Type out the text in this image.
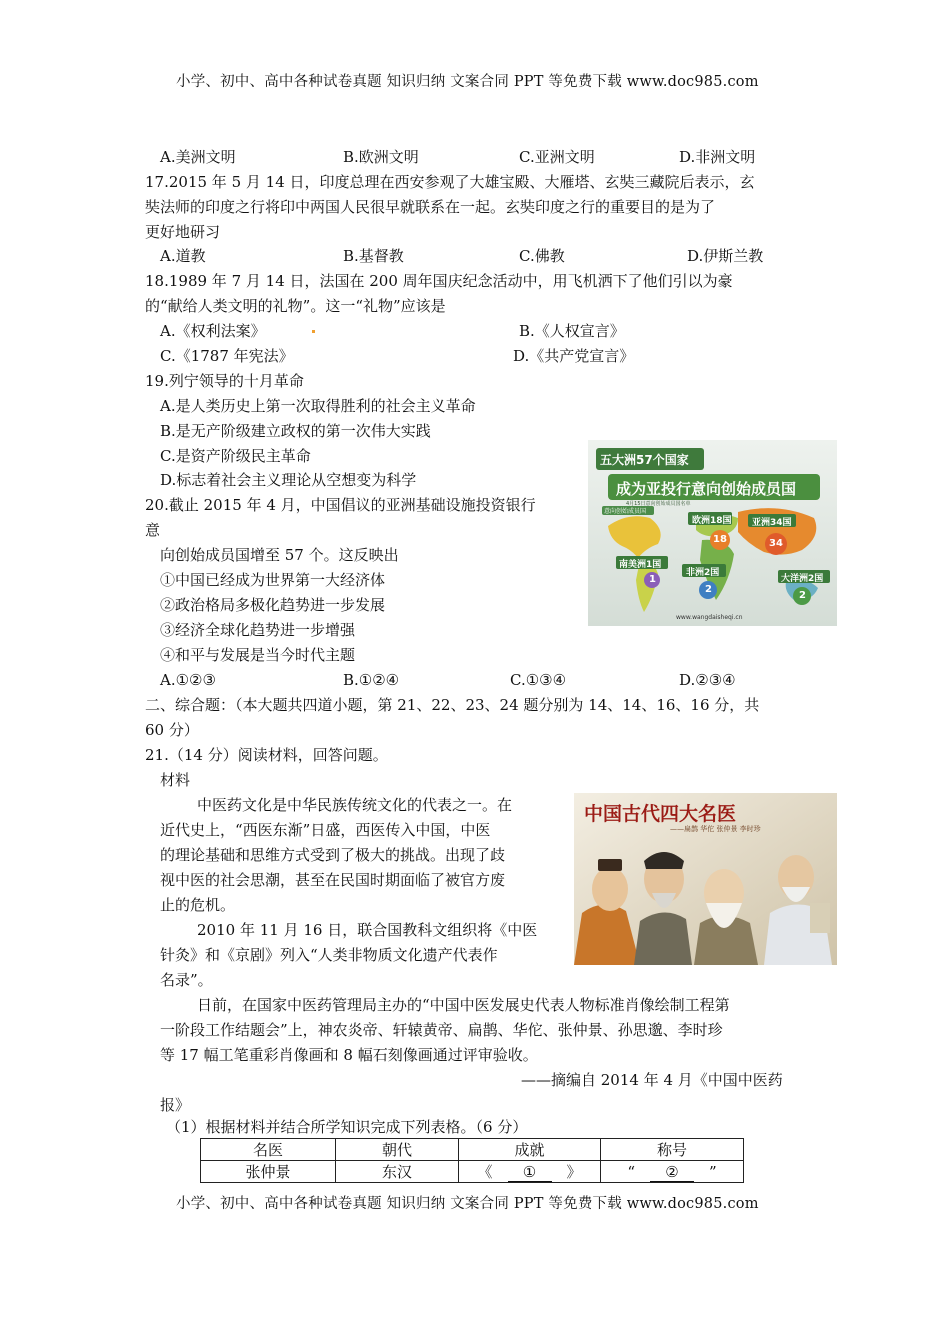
小学、初中、高中各种试卷真题 知识归纳 文案合同 PPT 等免费下载 www.doc985.com
A.美洲文明	B.欧洲文明	C.亚洲文明	D.非洲文明
17.2015 年 5 月 14 日，印度总理在西安参观了大雄宝殿、大雁塔、玄奘三藏院后表示，玄
奘法师的印度之行将印中两国人民很早就联系在一起。玄奘印度之行的重要目的是为了
更好地研习
A.道教	B.基督教	C.佛教	D.伊斯兰教
18.1989 年 7 月 14 日，法国在 200 周年国庆纪念活动中，用飞机洒下了他们引以为豪
的“献给人类文明的礼物”。这一“礼物”应该是
A.《权利法案》	B.《人权宣言》
C.《1787 年宪法》	D.《共产党宣言》
19.列宁领导的十月革命
A.是人类历史上第一次取得胜利的社会主义革命
B.是无产阶级建立政权的第一次伟大实践
C.是资产阶级民主革命
D.标志着社会主义理论从空想变为科学
五大洲57个国家
成为亚投行意向创始成员国
4月15日意向创始成员国名单
意向创始成员国
欧洲18国 亚洲34国
南美洲1国
非洲2国
大洋洲2国
18	34
1
2
2
www.wangdaisheqi.cn
20.截止 2015 年 4 月，中国倡议的亚洲基础设施投资银行
意
向创始成员国增至 57 个。这反映出
①中国已经成为世界第一大经济体
②政治格局多极化趋势进一步发展
③经济全球化趋势进一步增强
④和平与发展是当今时代主题
A.①②③	B.①②④	C.①③④	D.②③④
二、综合题：（本大题共四道小题，第 21、22、23、24 题分别为 14、14、16、16 分，共
60 分）
21.（14 分）阅读材料，回答问题。
材料
中医药文化是中华民族传统文化的代表之一。在
近代史上，“西医东渐”日盛，西医传入中国，中医
的理论基础和思维方式受到了极大的挑战。出现了歧
视中医的社会思潮，甚至在民国时期面临了被官方废
止的危机。
2010 年 11 月 16 日，联合国教科文组织将《中医
针灸》和《京剧》列入“人类非物质文化遗产代表作
名录”。
日前，在国家中医药管理局主办的“中国中医发展史代表人物标准肖像绘制工程第
一阶段工作结题会”上，神农炎帝、轩辕黄帝、扁鹊、华佗、张仲景、孙思邈、李时珍
等 17 幅工笔重彩肖像画和 8 幅石刻像画通过评审验收。
——摘编自 2014 年 4 月《中国中医药
报》
（1）根据材料并结合所学知识完成下列表格。（6 分）
中国古代四大名医
——扁鹊 华佗 张仲景 李时珍
名医	朝代	成就	称号
张仲景	东汉	《　①　》	“　②　”
小学、初中、高中各种试卷真题 知识归纳 文案合同 PPT 等免费下载 www.doc985.com
